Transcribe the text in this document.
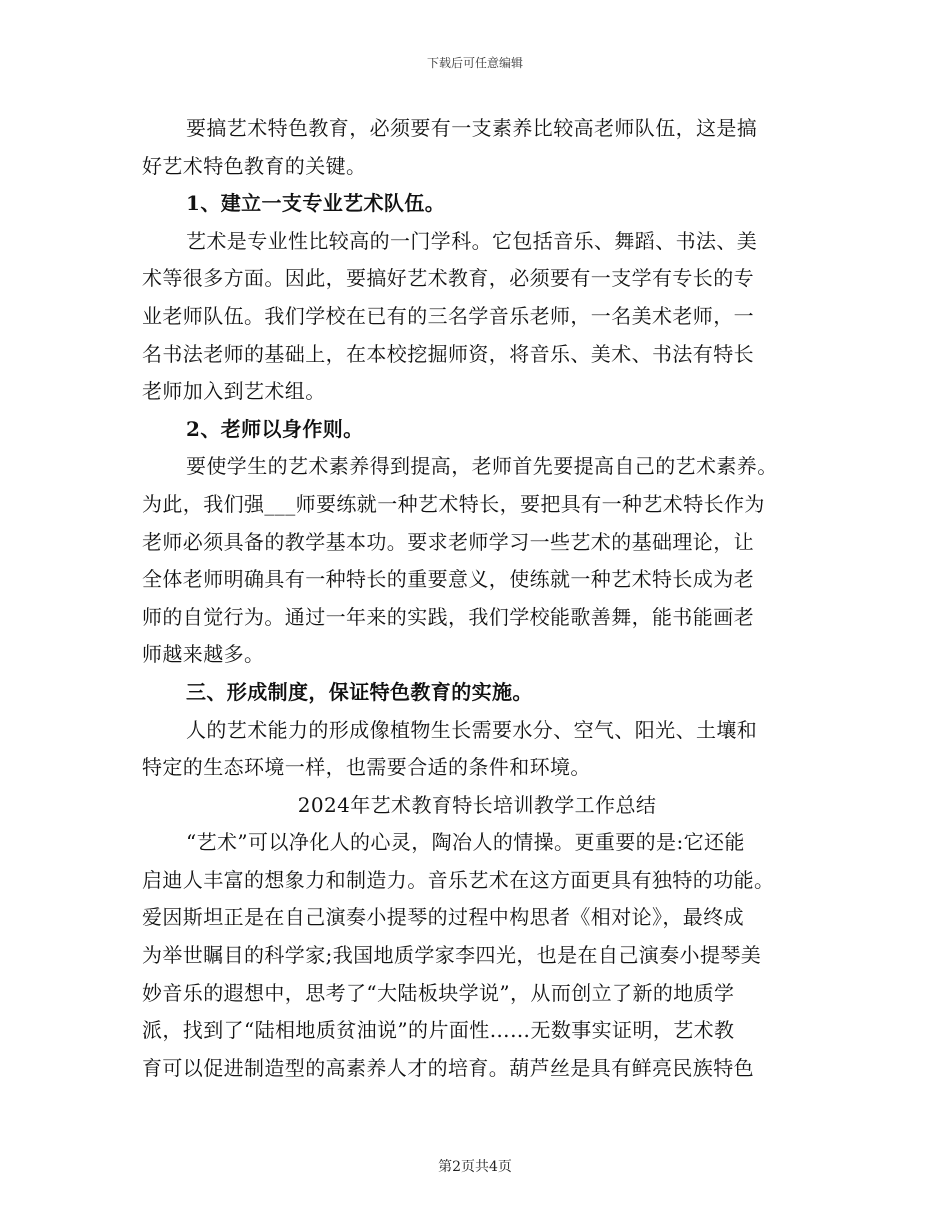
下载后可任意编辑
要搞艺术特色教育，必须要有一支素养比较高老师队伍，这是搞
好艺术特色教育的关键。
1、建立一支专业艺术队伍。
艺术是专业性比较高的一门学科。它包括音乐、舞蹈、书法、美
术等很多方面。因此，要搞好艺术教育，必须要有一支学有专长的专
业老师队伍。我们学校在已有的三名学音乐老师，一名美术老师，一
名书法老师的基础上，在本校挖掘师资，将音乐、美术、书法有特长
老师加入到艺术组。
2、老师以身作则。
要使学生的艺术素养得到提高，老师首先要提高自己的艺术素养。
为此，我们强___师要练就一种艺术特长，要把具有一种艺术特长作为
老师必须具备的教学基本功。要求老师学习一些艺术的基础理论，让
全体老师明确具有一种特长的重要意义，使练就一种艺术特长成为老
师的自觉行为。通过一年来的实践，我们学校能歌善舞，能书能画老
师越来越多。
三、形成制度，保证特色教育的实施。
人的艺术能力的形成像植物生长需要水分、空气、阳光、土壤和
特定的生态环境一样，也需要合适的条件和环境。
2024年艺术教育特长培训教学工作总结
“艺术”可以净化人的心灵，陶冶人的情操。更重要的是:它还能
启迪人丰富的想象力和制造力。音乐艺术在这方面更具有独特的功能。
爱因斯坦正是在自己演奏小提琴的过程中构思者《相对论》，最终成
为举世瞩目的科学家;我国地质学家李四光，也是在自己演奏小提琴美
妙音乐的遐想中，思考了“大陆板块学说”，从而创立了新的地质学
派，找到了“陆相地质贫油说”的片面性……无数事实证明，艺术教
育可以促进制造型的高素养人才的培育。葫芦丝是具有鲜亮民族特色
第2页共4页
